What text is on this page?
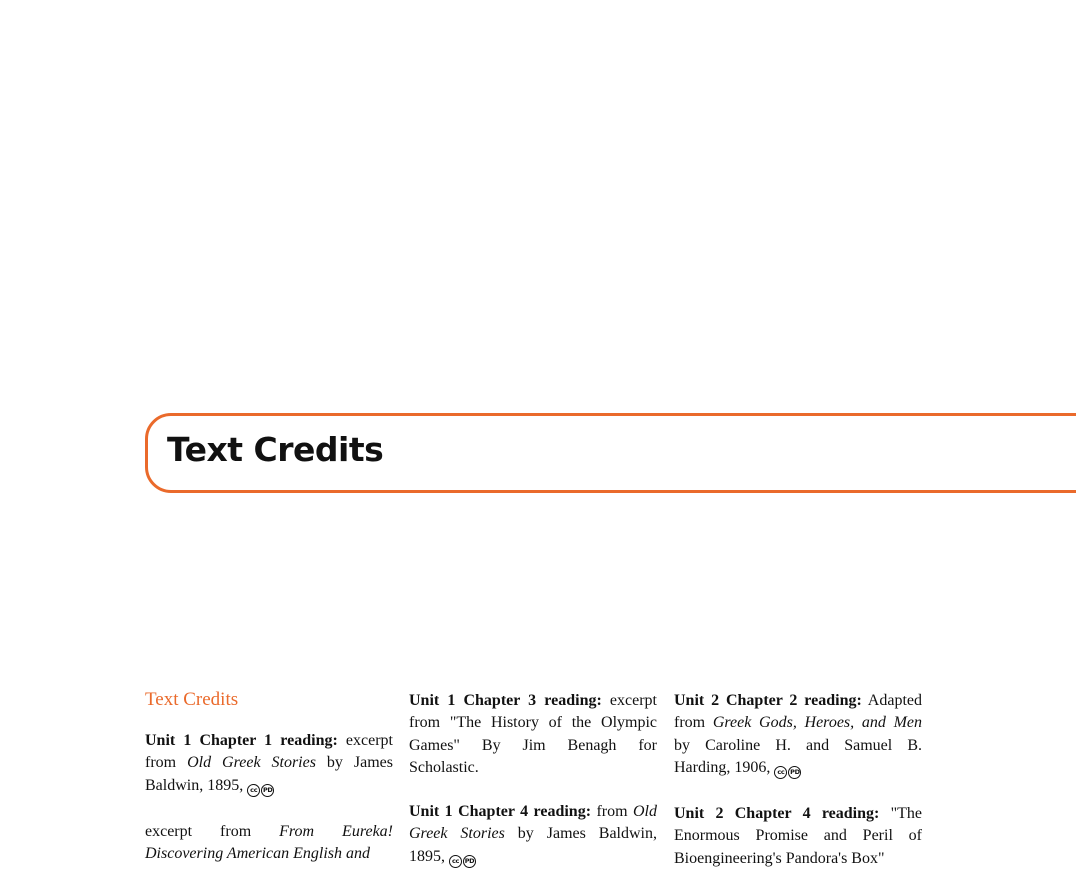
Text Credits
Text Credits

Unit 1 Chapter 1 reading: excerpt from Old Greek Stories by James Baldwin, 1895, cc PD

excerpt from From Eureka! Discovering American English and

Unit 1 Chapter 3 reading: excerpt from "The History of the Olympic Games" By Jim Benagh for Scholastic.

Unit 1 Chapter 4 reading: from Old Greek Stories by James Baldwin, 1895, cc PD

Unit 2 Chapter 2 reading: Adapted from Greek Gods, Heroes, and Men by Caroline H. and Samuel B. Harding, 1906, cc PD

Unit 2 Chapter 4 reading: "The Enormous Promise and Peril of Bioengineering's Pandora's Box"
